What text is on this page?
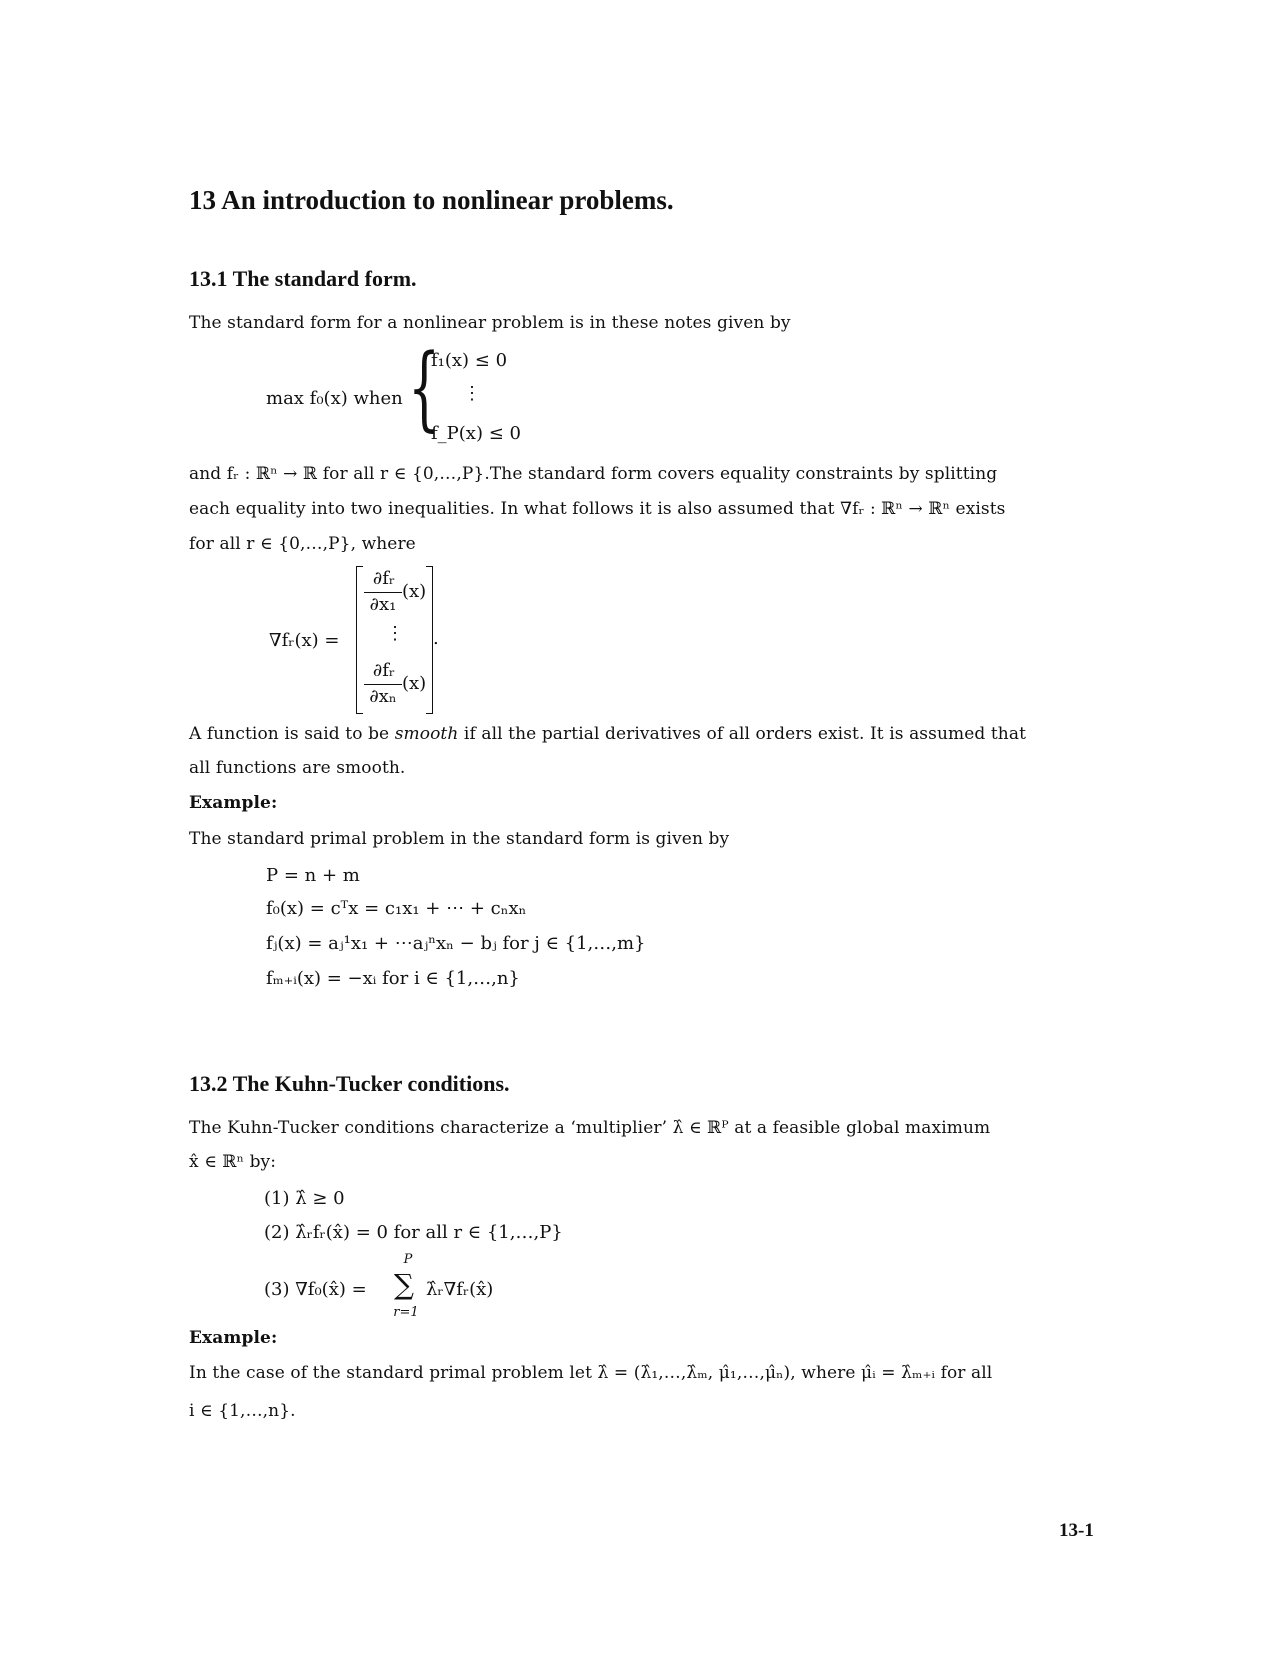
13 An introduction to nonlinear problems.
13.1 The standard form.
The standard form for a nonlinear problem is in these notes given by
max f₀(x) when {
f₁(x) ≤ 0
⋮
f_P(x) ≤ 0
and fᵣ : ℝⁿ → ℝ for all r ∈ {0,…,P}.The standard form covers equality constraints by splitting
each equality into two inequalities. In what follows it is also assumed that ∇fᵣ : ℝⁿ → ℝⁿ exists
for all r ∈ {0,…,P}, where
∇fᵣ(x) =
∂fᵣ
∂x₁
(x)
⋮
∂fᵣ
∂xₙ
(x)
.
A function is said to be smooth if all the partial derivatives of all orders exist. It is assumed that
all functions are smooth.
Example:
The standard primal problem in the standard form is given by
P = n + m
f₀(x) = cᵀx = c₁x₁ + ⋯ + cₙxₙ
fⱼ(x) = aⱼ¹x₁ + ⋯aⱼⁿxₙ − bⱼ for j ∈ {1,…,m}
fₘ₊ᵢ(x) = −xᵢ for i ∈ {1,…,n}
13.2 The Kuhn-Tucker conditions.
The Kuhn-Tucker conditions characterize a ‘multiplier’ λ̂ ∈ ℝᴾ at a feasible global maximum
x̂ ∈ ℝⁿ by:
(1) λ̂ ≥ 0
(2) λ̂ᵣfᵣ(x̂) = 0 for all r ∈ {1,…,P}
(3) ∇f₀(x̂) =
P
∑
r=1
λ̂ᵣ∇fᵣ(x̂)
Example:
In the case of the standard primal problem let λ̂ = (λ̂₁,…,λ̂ₘ, μ̂₁,…,μ̂ₙ), where μ̂ᵢ = λ̂ₘ₊ᵢ for all
i ∈ {1,…,n}.
13-1
